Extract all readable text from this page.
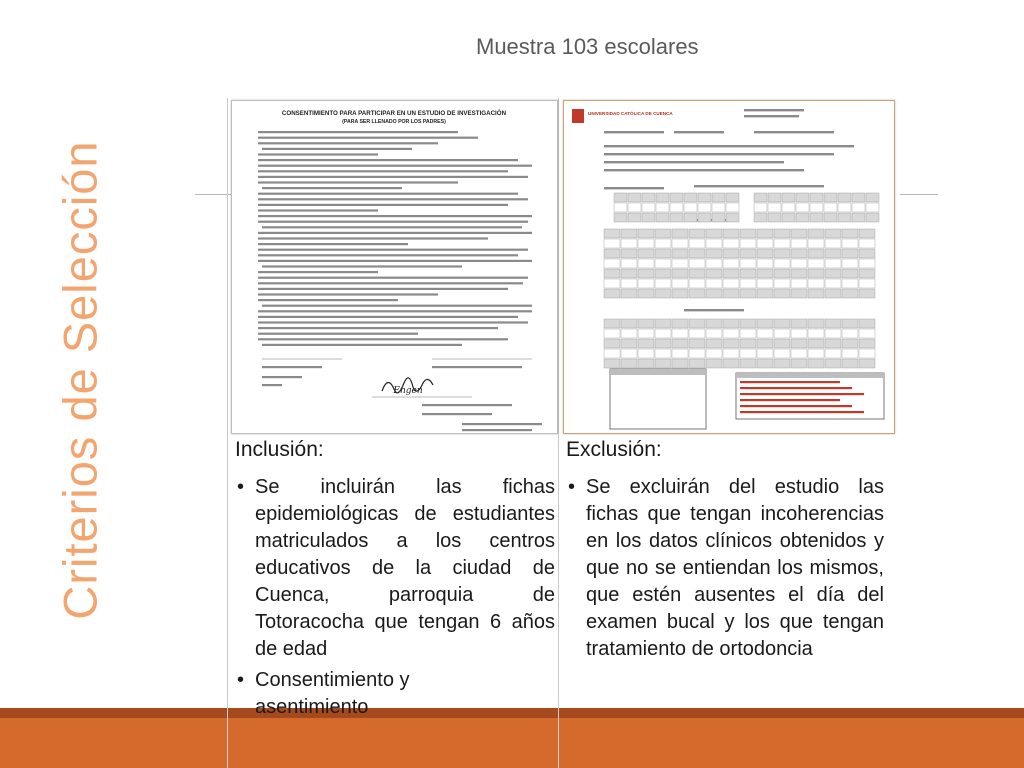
Muestra 103 escolares
Criterios de Selección
CONSENTIMIENTO PARA PARTICIPAR EN UN ESTUDIO DE INVESTIGACIÓN
(PARA SER LLENADO POR LOS PADRES)
Engen
UNIVERSIDAD CATÓLICA DE CUENCA
Inclusión:
• Se incluirán las fichas epidemiológicas de estudiantes matriculados a los centros educativos de la ciudad de Cuenca, parroquia de Totoracocha que tengan 6 años de edad
• Consentimiento y asentimiento
Exclusión:
• Se excluirán del estudio las fichas que tengan incoherencias en los datos clínicos obtenidos y que no se entiendan los mismos, que estén ausentes el día del examen bucal y los que tengan tratamiento de ortodoncia
